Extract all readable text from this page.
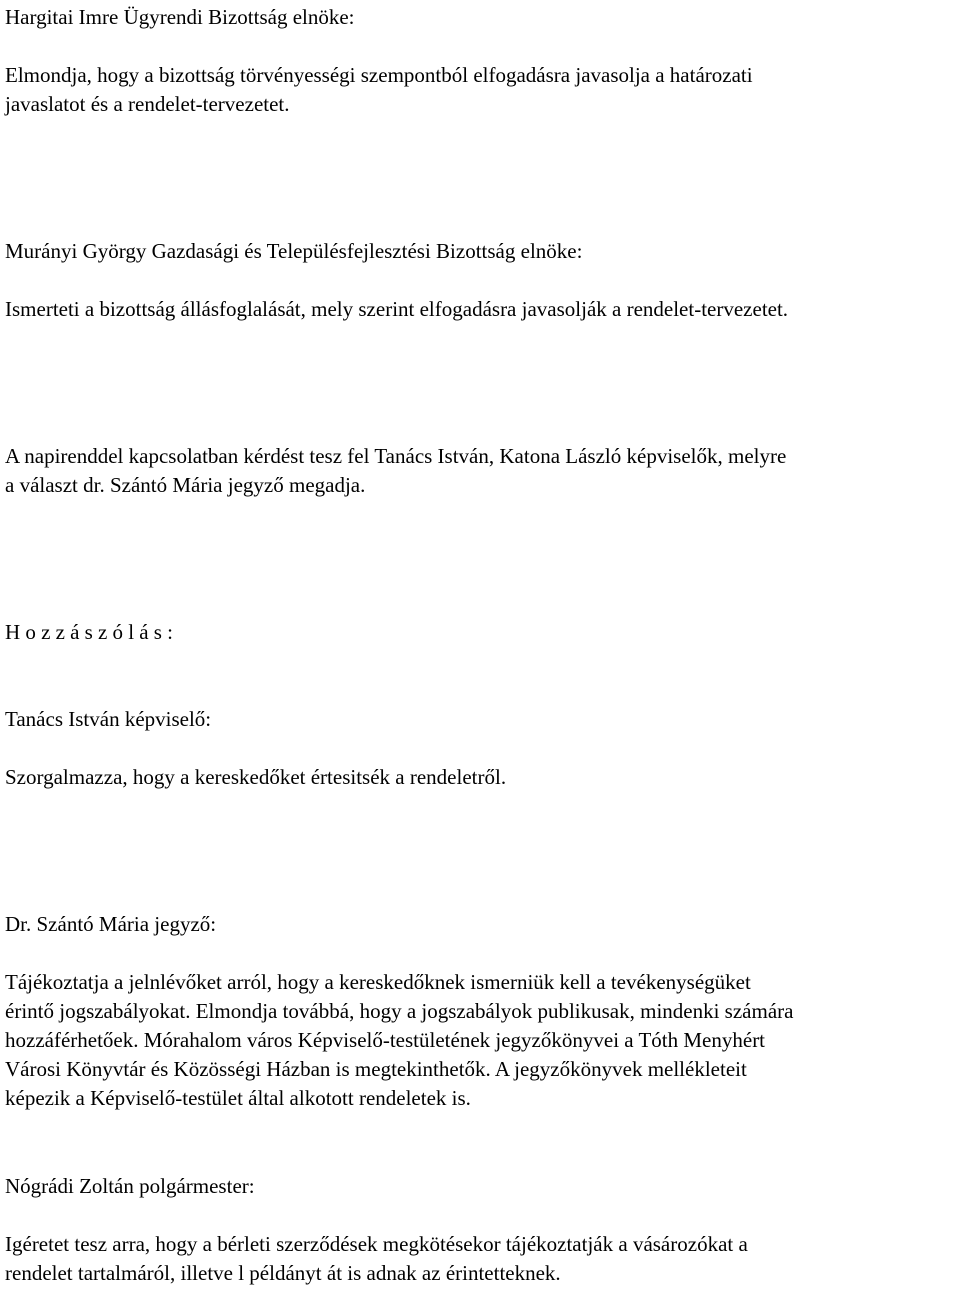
Hargitai Imre Ügyrendi Bizottság elnöke:
Elmondja, hogy a bizottság törvényességi szempontból elfogadásra javasolja a határozati
javaslatot és a rendelet-tervezetet.
Murányi György Gazdasági és Településfejlesztési Bizottság elnöke:
Ismerteti a bizottság állásfoglalását, mely szerint elfogadásra javasolják a rendelet-tervezetet.
A napirenddel kapcsolatban kérdést tesz fel Tanács István, Katona László képviselők, melyre
a választ dr. Szántó Mária jegyző megadja.
Hozzászólás:
Tanács István képviselő:
Szorgalmazza, hogy a kereskedőket értesitsék a rendeletről.
Dr. Szántó Mária jegyző:
Tájékoztatja a jelnlévőket arról, hogy a kereskedőknek ismerniük kell a tevékenységüket
érintő jogszabályokat. Elmondja továbbá, hogy a jogszabályok publikusak, mindenki számára
hozzáférhetőek. Mórahalom város Képviselő-testületének jegyzőkönyvei a Tóth Menyhért
Városi Könyvtár és Közösségi Házban is megtekinthetők. A jegyzőkönyvek mellékleteit
képezik a Képviselő-testület által alkotott rendeletek is.
Nógrádi Zoltán polgármester:
Igéretet tesz arra, hogy a bérleti szerződések megkötésekor tájékoztatják a vásározókat a
rendelet tartalmáról, illetve l példányt át is adnak az érintetteknek.
